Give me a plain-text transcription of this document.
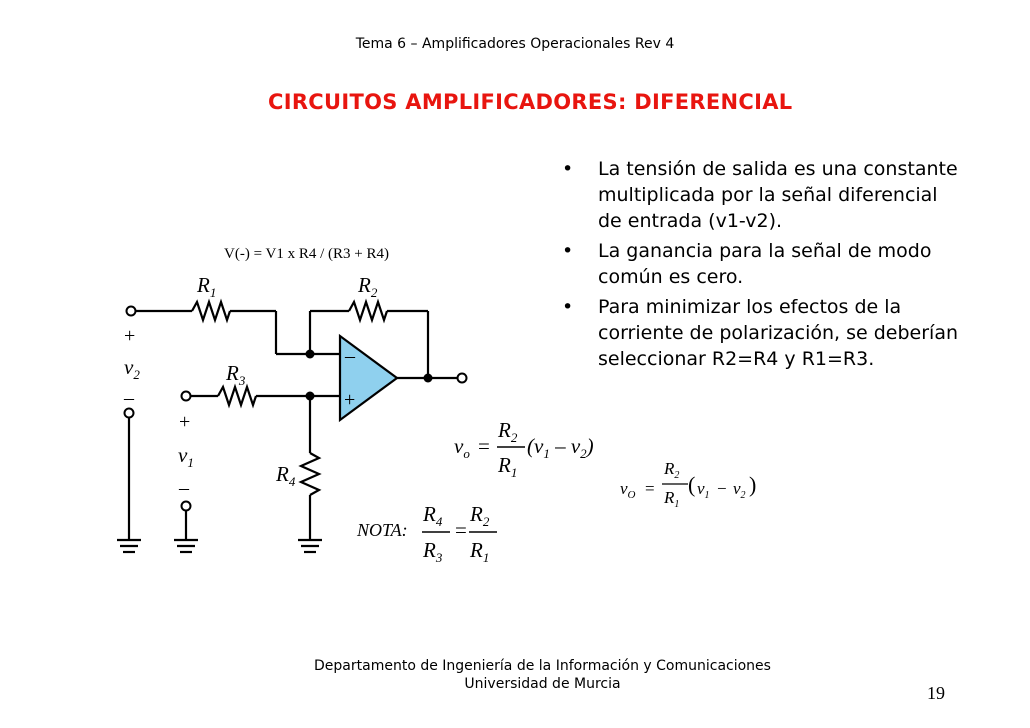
Tema 6 – Amplificadores Operacionales Rev 4
CIRCUITOS AMPLIFICADORES: DIFERENCIAL
• La tensión de salida es una constante multiplicada por la señal diferencial de entrada (v1-v2).
• La ganancia para la señal de modo común es cero.
• Para minimizar los efectos de la corriente de polarización, se deberían seleccionar R2=R4 y R1=R3.
$R_1$	$R_2$
$R_3$
$R_4$
$v_2$
$v_1$
+
–
+
–
–
+
V(-) = V1 x R4 / (R3 + R4)
$v_o$ =
$R_2$
$R_1$
$(v_1 - v_2)$
NOTA:
$R_4$
$R_3$
=
$R_2$
$R_1$
$v_O$ =
$R_2$
$R_1$
( $v_1 - v_2$ )
Departamento de Ingeniería de la Información y Comunicaciones
Universidad de Murcia	19
